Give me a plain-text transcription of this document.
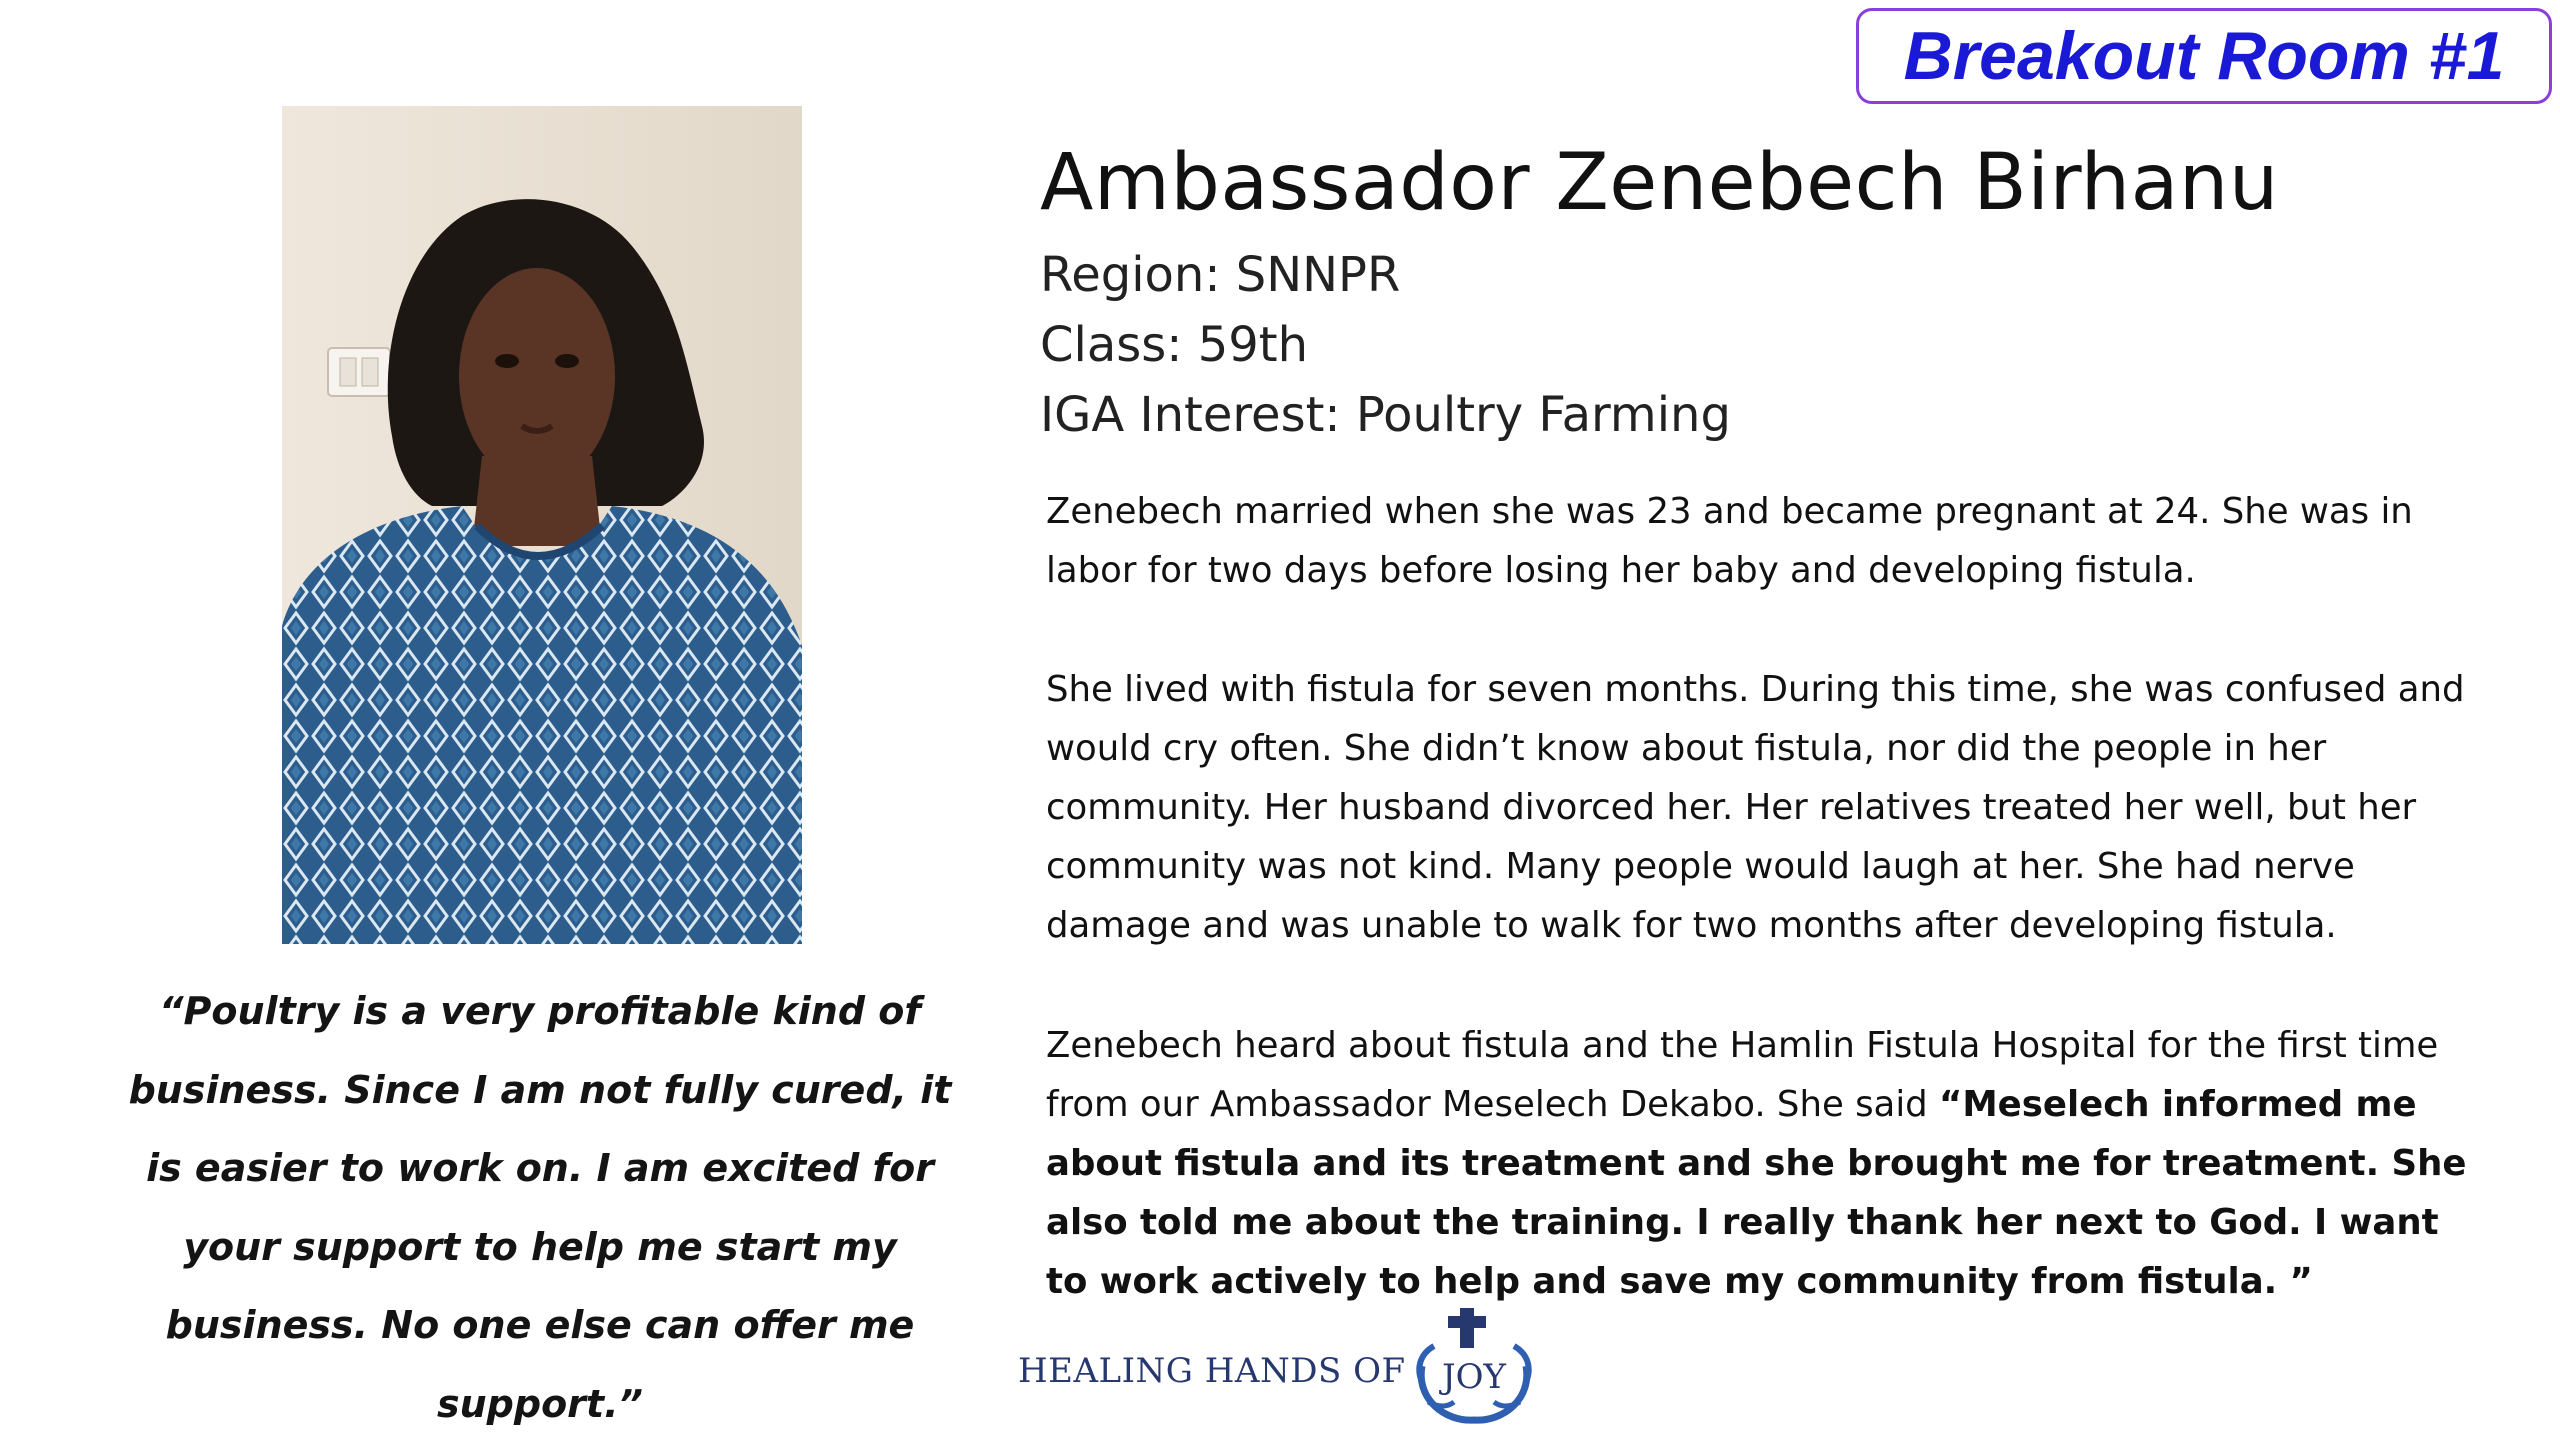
Breakout Room #1
“Poultry is a very profitable kind of business. Since I am not fully cured, it is easier to work on. I am excited for your support to help me start my business. No one else can offer me support.”
Ambassador Zenebech Birhanu
Region: SNNPR
Class: 59th
IGA Interest: Poultry Farming

Zenebech married when she was 23 and became pregnant at 24. She was in labor for two days before losing her baby and developing fistula.

She lived with fistula for seven months. During this time, she was confused and would cry often. She didn’t know about fistula, nor did the people in her community. Her husband divorced her. Her relatives treated her well, but her community was not kind. Many people would laugh at her. She had nerve damage and was unable to walk for two months after developing fistula.

Zenebech heard about fistula and the Hamlin Fistula Hospital for the first time from our Ambassador Meselech Dekabo. She said “Meselech informed me about fistula and its treatment and she brought me for treatment. She also told me about the training. I really thank her next to God. I want to work actively to help and save my community from fistula. ”

HEALING HANDS OF JOY
